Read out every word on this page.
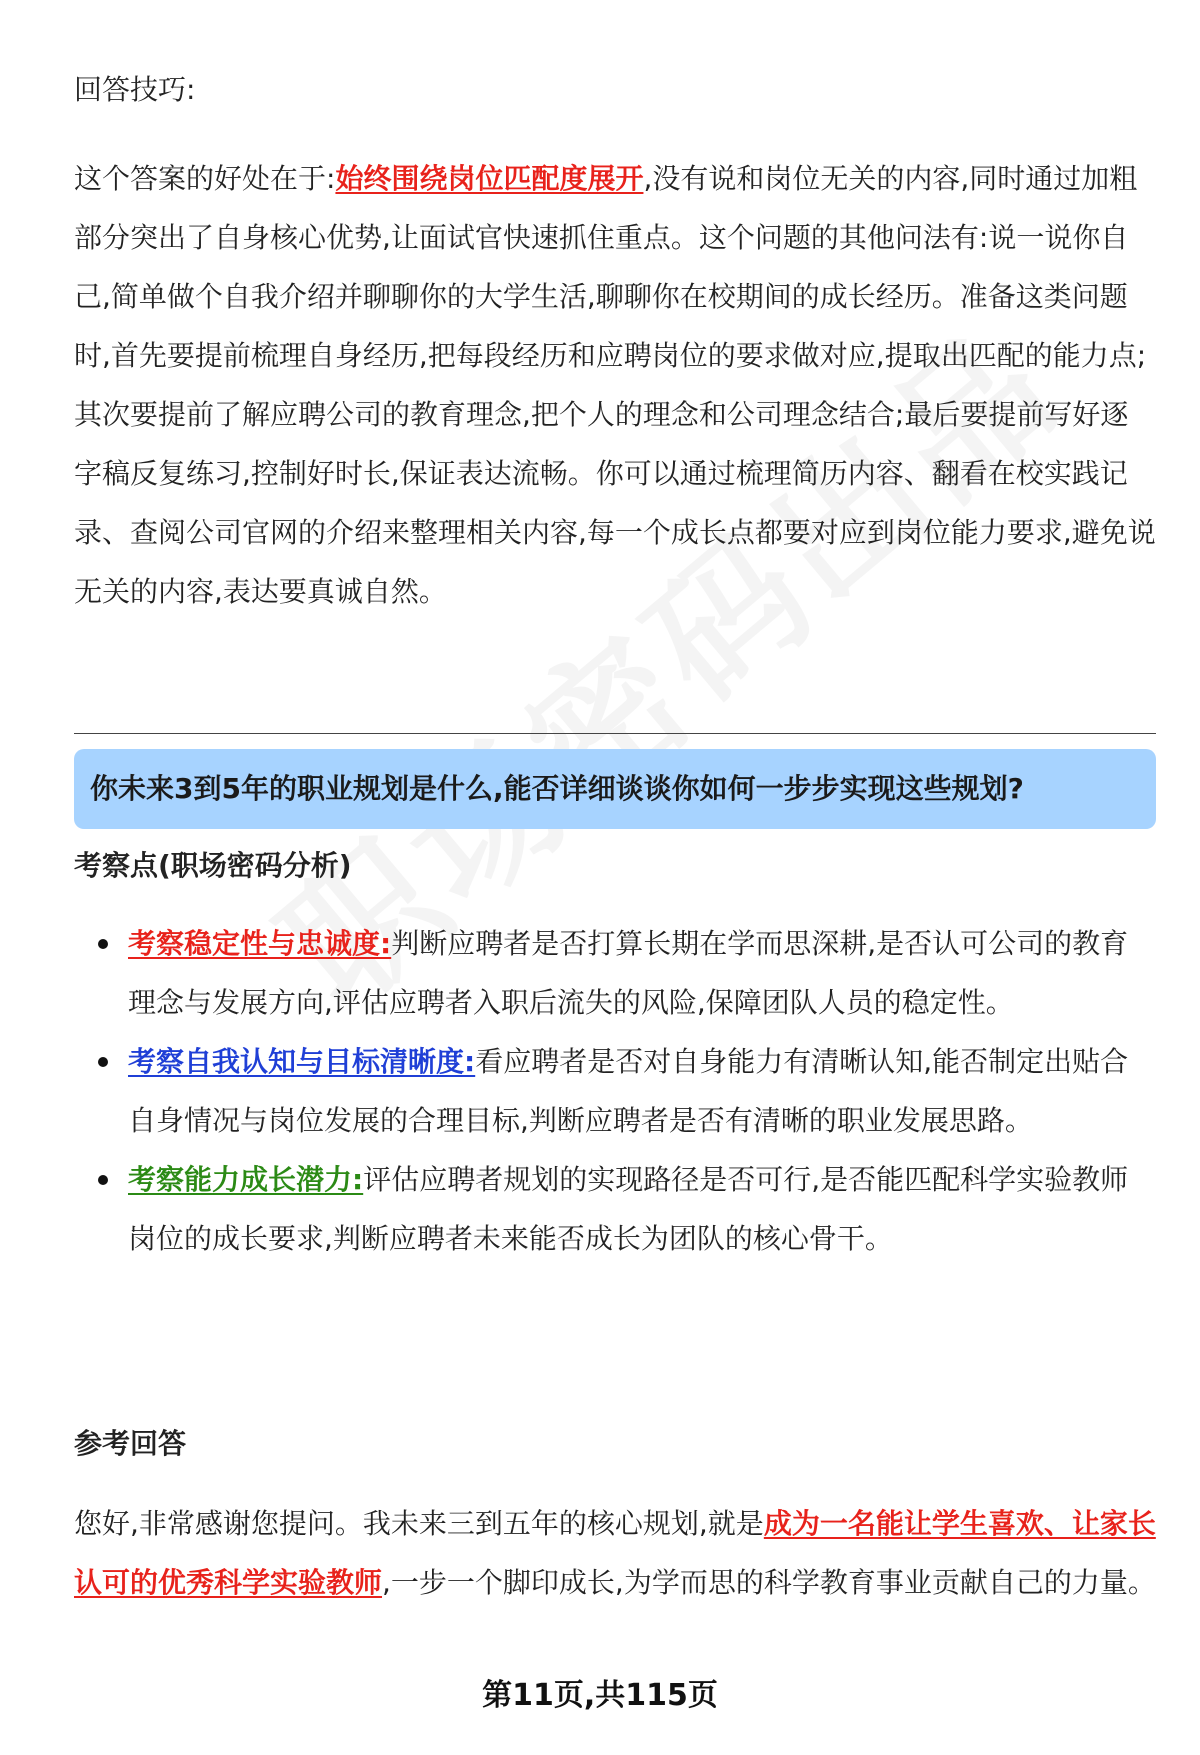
回答技巧:
这个答案的好处在于:始终围绕岗位匹配度展开,没有说和岗位无关的内容,同时通过加粗部分突出了自身核心优势,让面试官快速抓住重点。这个问题的其他问法有:说一说你自己,简单做个自我介绍并聊聊你的大学生活,聊聊你在校期间的成长经历。准备这类问题时,首先要提前梳理自身经历,把每段经历和应聘岗位的要求做对应,提取出匹配的能力点;其次要提前了解应聘公司的教育理念,把个人的理念和公司理念结合;最后要提前写好逐字稿反复练习,控制好时长,保证表达流畅。你可以通过梳理简历内容、翻看在校实践记录、查阅公司官网的介绍来整理相关内容,每一个成长点都要对应到岗位能力要求,避免说无关的内容,表达要真诚自然。
你未来3到5年的职业规划是什么,能否详细谈谈你如何一步步实现这些规划?
考察点(职场密码分析)
考察稳定性与忠诚度:判断应聘者是否打算长期在学而思深耕,是否认可公司的教育理念与发展方向,评估应聘者入职后流失的风险,保障团队人员的稳定性。
考察自我认知与目标清晰度:看应聘者是否对自身能力有清晰认知,能否制定出贴合自身情况与岗位发展的合理目标,判断应聘者是否有清晰的职业发展思路。
考察能力成长潜力:评估应聘者规划的实现路径是否可行,是否能匹配科学实验教师岗位的成长要求,判断应聘者未来能否成长为团队的核心骨干。
参考回答
您好,非常感谢您提问。我未来三到五年的核心规划,就是成为一名能让学生喜欢、让家长认可的优秀科学实验教师,一步一个脚印成长,为学而思的科学教育事业贡献自己的力量。
第11页,共115页
